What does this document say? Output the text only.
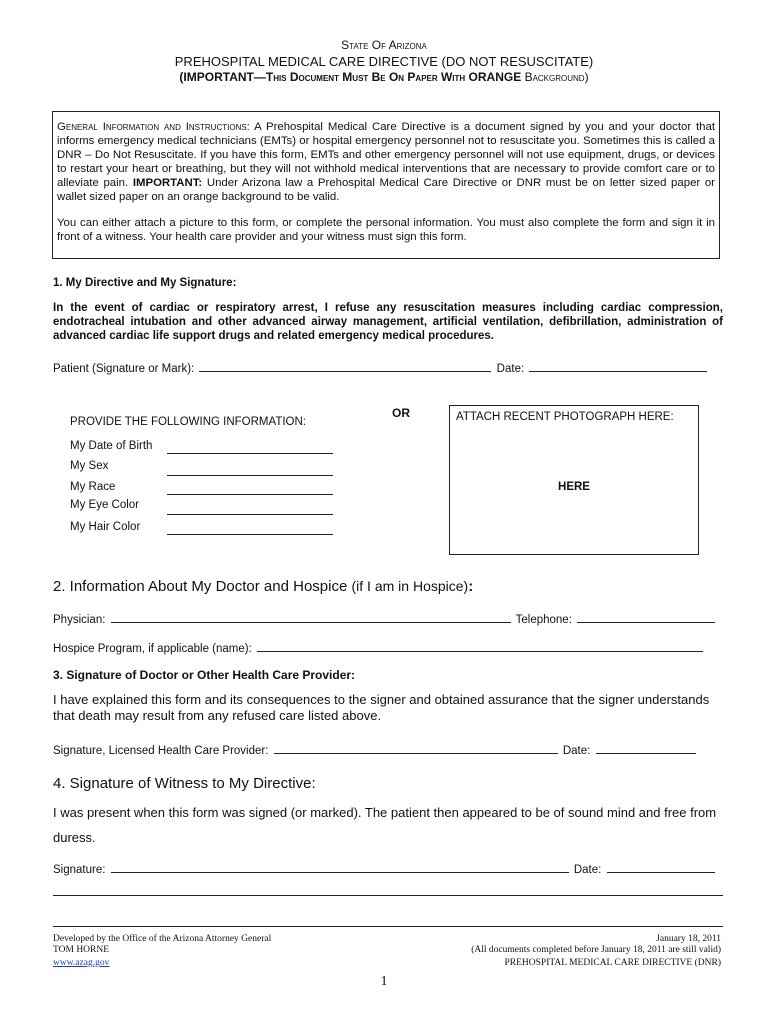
State Of Arizona
PREHOSPITAL MEDICAL CARE DIRECTIVE (DO NOT RESUSCITATE)
(IMPORTANT—This Document Must Be On Paper With ORANGE Background)

General Information and Instructions: A Prehospital Medical Care Directive is a document signed by you and your doctor that informs emergency medical technicians (EMTs) or hospital emergency personnel not to resuscitate you. Sometimes this is called a DNR – Do Not Resuscitate. If you have this form, EMTs and other emergency personnel will not use equipment, drugs, or devices to restart your heart or breathing, but they will not withhold medical interventions that are necessary to provide comfort care or to alleviate pain. IMPORTANT: Under Arizona law a Prehospital Medical Care Directive or DNR must be on letter sized paper or wallet sized paper on an orange background to be valid.

You can either attach a picture to this form, or complete the personal information. You must also complete the form and sign it in front of a witness. Your health care provider and your witness must sign this form.

1. My Directive and My Signature:
In the event of cardiac or respiratory arrest, I refuse any resuscitation measures including cardiac compression, endotracheal intubation and other advanced airway management, artificial ventilation, defibrillation, administration of advanced cardiac life support drugs and related emergency medical procedures.
Patient (Signature or Mark):	Date:
OR
PROVIDE THE FOLLOWING INFORMATION:
My Date of Birth
My Sex
My Race
My Eye Color
My Hair Color
ATTACH RECENT PHOTOGRAPH HERE:
HERE
2. Information About My Doctor and Hospice (if I am in Hospice):
Physician:	Telephone:
Hospice Program, if applicable (name):
3. Signature of Doctor or Other Health Care Provider:
I have explained this form and its consequences to the signer and obtained assurance that the signer understands that death may result from any refused care listed above.
Signature, Licensed Health Care Provider:	Date:
4. Signature of Witness to My Directive:
I was present when this form was signed (or marked). The patient then appeared to be of sound mind and free from duress.
Signature:	Date:
Developed by the Office of the Arizona Attorney General
TOM HORNE
www.azag.gov
January 18, 2011
(All documents completed before January 18, 2011 are still valid)
PREHOSPITAL MEDICAL CARE DIRECTIVE (DNR)
1
